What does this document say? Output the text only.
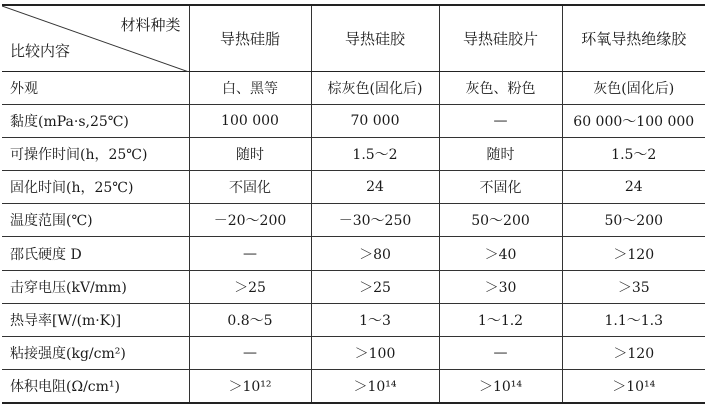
材料种类
比较内容	导热硅脂	导热硅胶	导热硅胶片	环氧导热绝缘胶
外观	白、黑等	棕灰色(固化后)	灰色、粉色	灰色(固化后)
黏度(mPa·s,25℃)	100 000	70 000	—	60 000～100 000
可操作时间(h，25℃)	随时	1.5～2	随时	1.5～2
固化时间(h，25℃)	不固化	24	不固化	24
温度范围(℃)	－20～200	－30～250	50～200	50～200
邵氏硬度 D	—	＞80	＞40	＞120
击穿电压(kV/mm)	＞25	＞25	＞30	＞35
热导率[W/(m·K)]	0.8～5	1～3	1～1.2	1.1～1.3
粘接强度(kg/cm²)	—	＞100	—	＞120
体积电阻(Ω/cm¹)	＞10¹²	＞10¹⁴	＞10¹⁴	＞10¹⁴
